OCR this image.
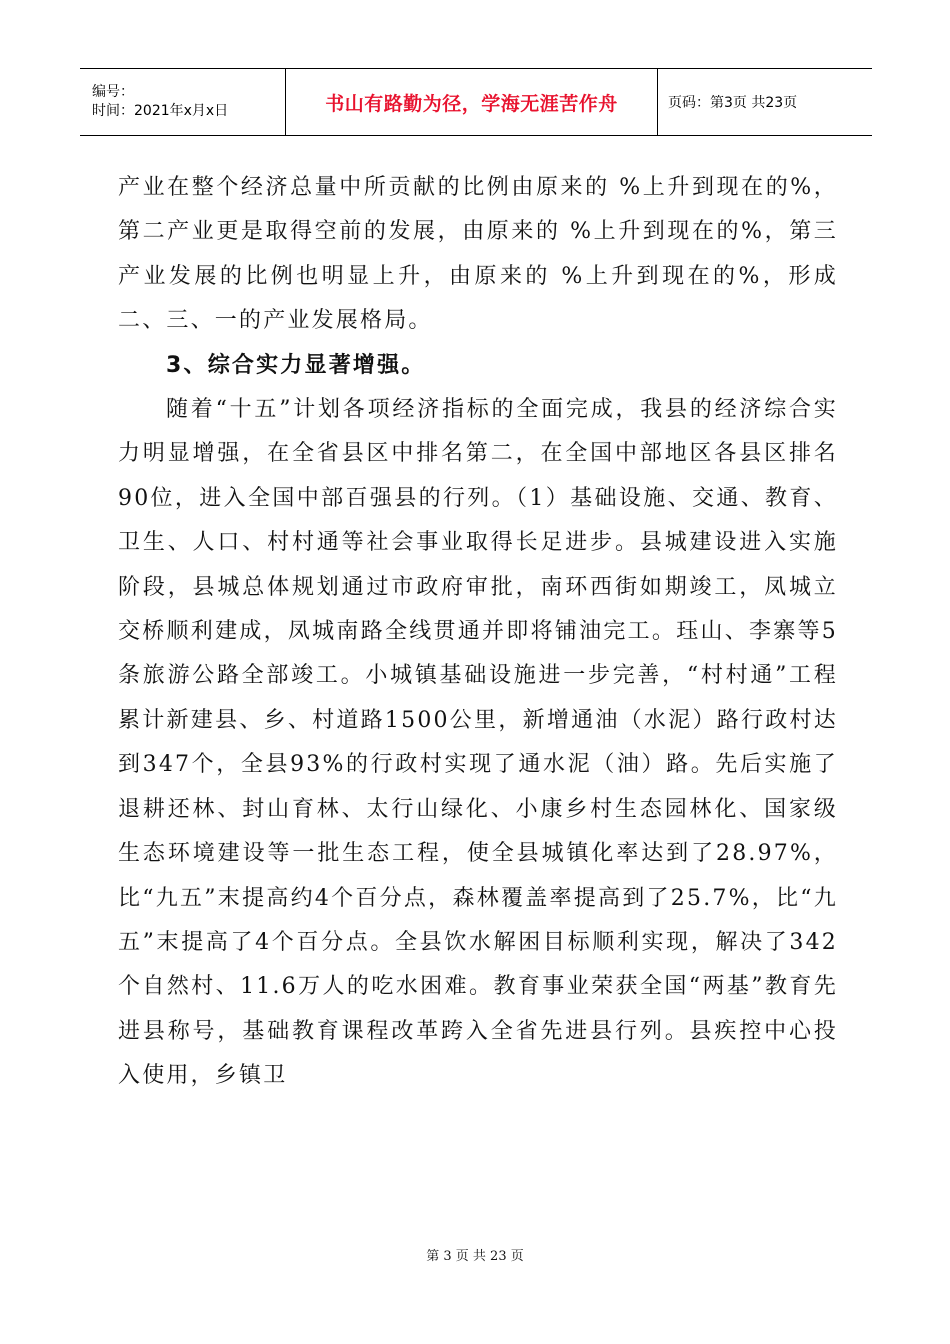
编号：
时间：2021年x月x日	书山有路勤为径，学海无涯苦作舟	页码：第3页 共23页

产业在整个经济总量中所贡献的比例由原来的 %上升到现在的%，第二产业更是取得空前的发展，由原来的 %上升到现在的%，第三产业发展的比例也明显上升，由原来的 %上升到现在的%，形成二、三、一的产业发展格局。

3、综合实力显著增强。

随着“十五”计划各项经济指标的全面完成，我县的经济综合实力明显增强，在全省县区中排名第二，在全国中部地区各县区排名90位，进入全国中部百强县的行列。（1）基础设施、交通、教育、卫生、人口、村村通等社会事业取得长足进步。县城建设进入实施阶段，县城总体规划通过市政府审批，南环西街如期竣工，凤城立交桥顺利建成，凤城南路全线贯通并即将铺油完工。珏山、李寨等5条旅游公路全部竣工。小城镇基础设施进一步完善，“村村通”工程累计新建县、乡、村道路1500公里，新增通油（水泥）路行政村达到347个，全县93%的行政村实现了通水泥（油）路。先后实施了退耕还林、封山育林、太行山绿化、小康乡村生态园林化、国家级生态环境建设等一批生态工程，使全县城镇化率达到了28.97%，比“九五”末提高约4个百分点，森林覆盖率提高到了25.7%，比“九五”末提高了4个百分点。全县饮水解困目标顺利实现，解决了342个自然村、11.6万人的吃水困难。教育事业荣获全国“两基”教育先进县称号，基础教育课程改革跨入全省先进县行列。县疾控中心投入使用，乡镇卫

第 3 页 共 23 页
